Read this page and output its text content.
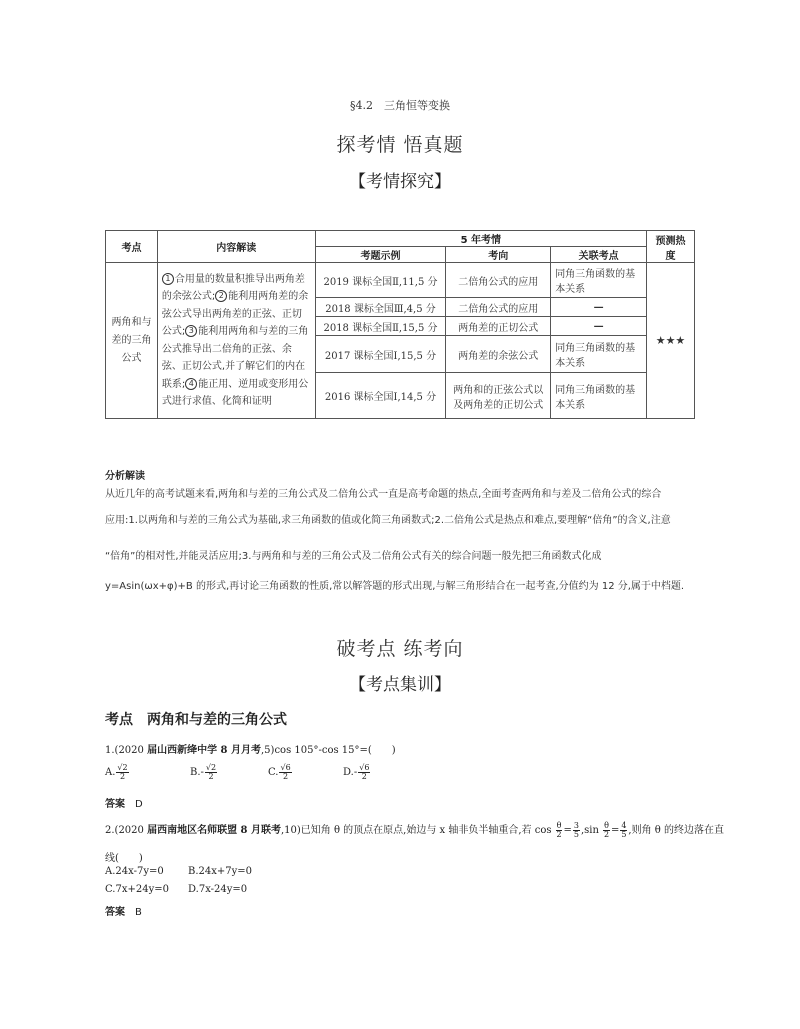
§4.2　三角恒等变换
探考情 悟真题
【考情探究】
考点	内容解读	5 年考情			预测热度
		考题示例	考向	关联考点	
两角和与差的三角公式	1 合用量的数量积推导出两角差的余弦公式; 2 能利用两角差的余弦公式导出两角差的正弦、正切公式; 3 能利用两角和与差的三角公式推导出二倍角的正弦、余弦、正切公式,并了解它们的内在联系; 4 能正用、逆用或变形用公式进行求值、化简和证明	2019 课标全国Ⅱ,11,5 分	二倍角公式的应用	同角三角函数的基本关系	★★★
		2018 课标全国Ⅲ,4,5 分	二倍角公式的应用	—	
		2018 课标全国Ⅱ,15,5 分	两角差的正切公式	—	
		2017 课标全国Ⅰ,15,5 分	两角差的余弦公式	同角三角函数的基本关系	
		2016 课标全国Ⅰ,14,5 分	两角和的正弦公式以及两角差的正切公式	同角三角函数的基本关系	
分析解读
从近几年的高考试题来看,两角和与差的三角公式及二倍角公式一直是高考命题的热点,全面考查两角和与差及二倍角公式的综合
应用:1.以两角和与差的三角公式为基础,求三角函数的值或化简三角函数式;2.二倍角公式是热点和难点,要理解“倍角”的含义,注意
“倍角”的相对性,并能灵活应用;3.与两角和与差的三角公式及二倍角公式有关的综合问题一般先把三角函数式化成
y=Asin(ωx+φ)+B 的形式,再讨论三角函数的性质,常以解答题的形式出现,与解三角形结合在一起考查,分值约为 12 分,属于中档题.
破考点 练考向
【考点集训】
考点　两角和与差的三角公式
1.(2020 届山西新绛中学 8 月月考,5)cos 105°-cos 15°=(　　)
A. $\frac{√2}{2}$	$B.- \frac{√2}{2}$	C. $\frac{√6}{2}$	$D.- \frac{√6}{2}$
答案　 D
2.(2020 届西南地区名师联盟 8 月联考,10)已知角 θ 的顶点在原点,始边与 x 轴非负半轴重合,若 $\cos \frac{\theta}{2} = \frac{3}{5} ,\sin \frac{\theta}{2} = \frac{4}{5}$ ,则角 θ 的终边落在直
线(　　)
A.24x-7y=0 B.24x+7y=0
C.7x+24y=0 D.7x-24y=0
答案　 B
